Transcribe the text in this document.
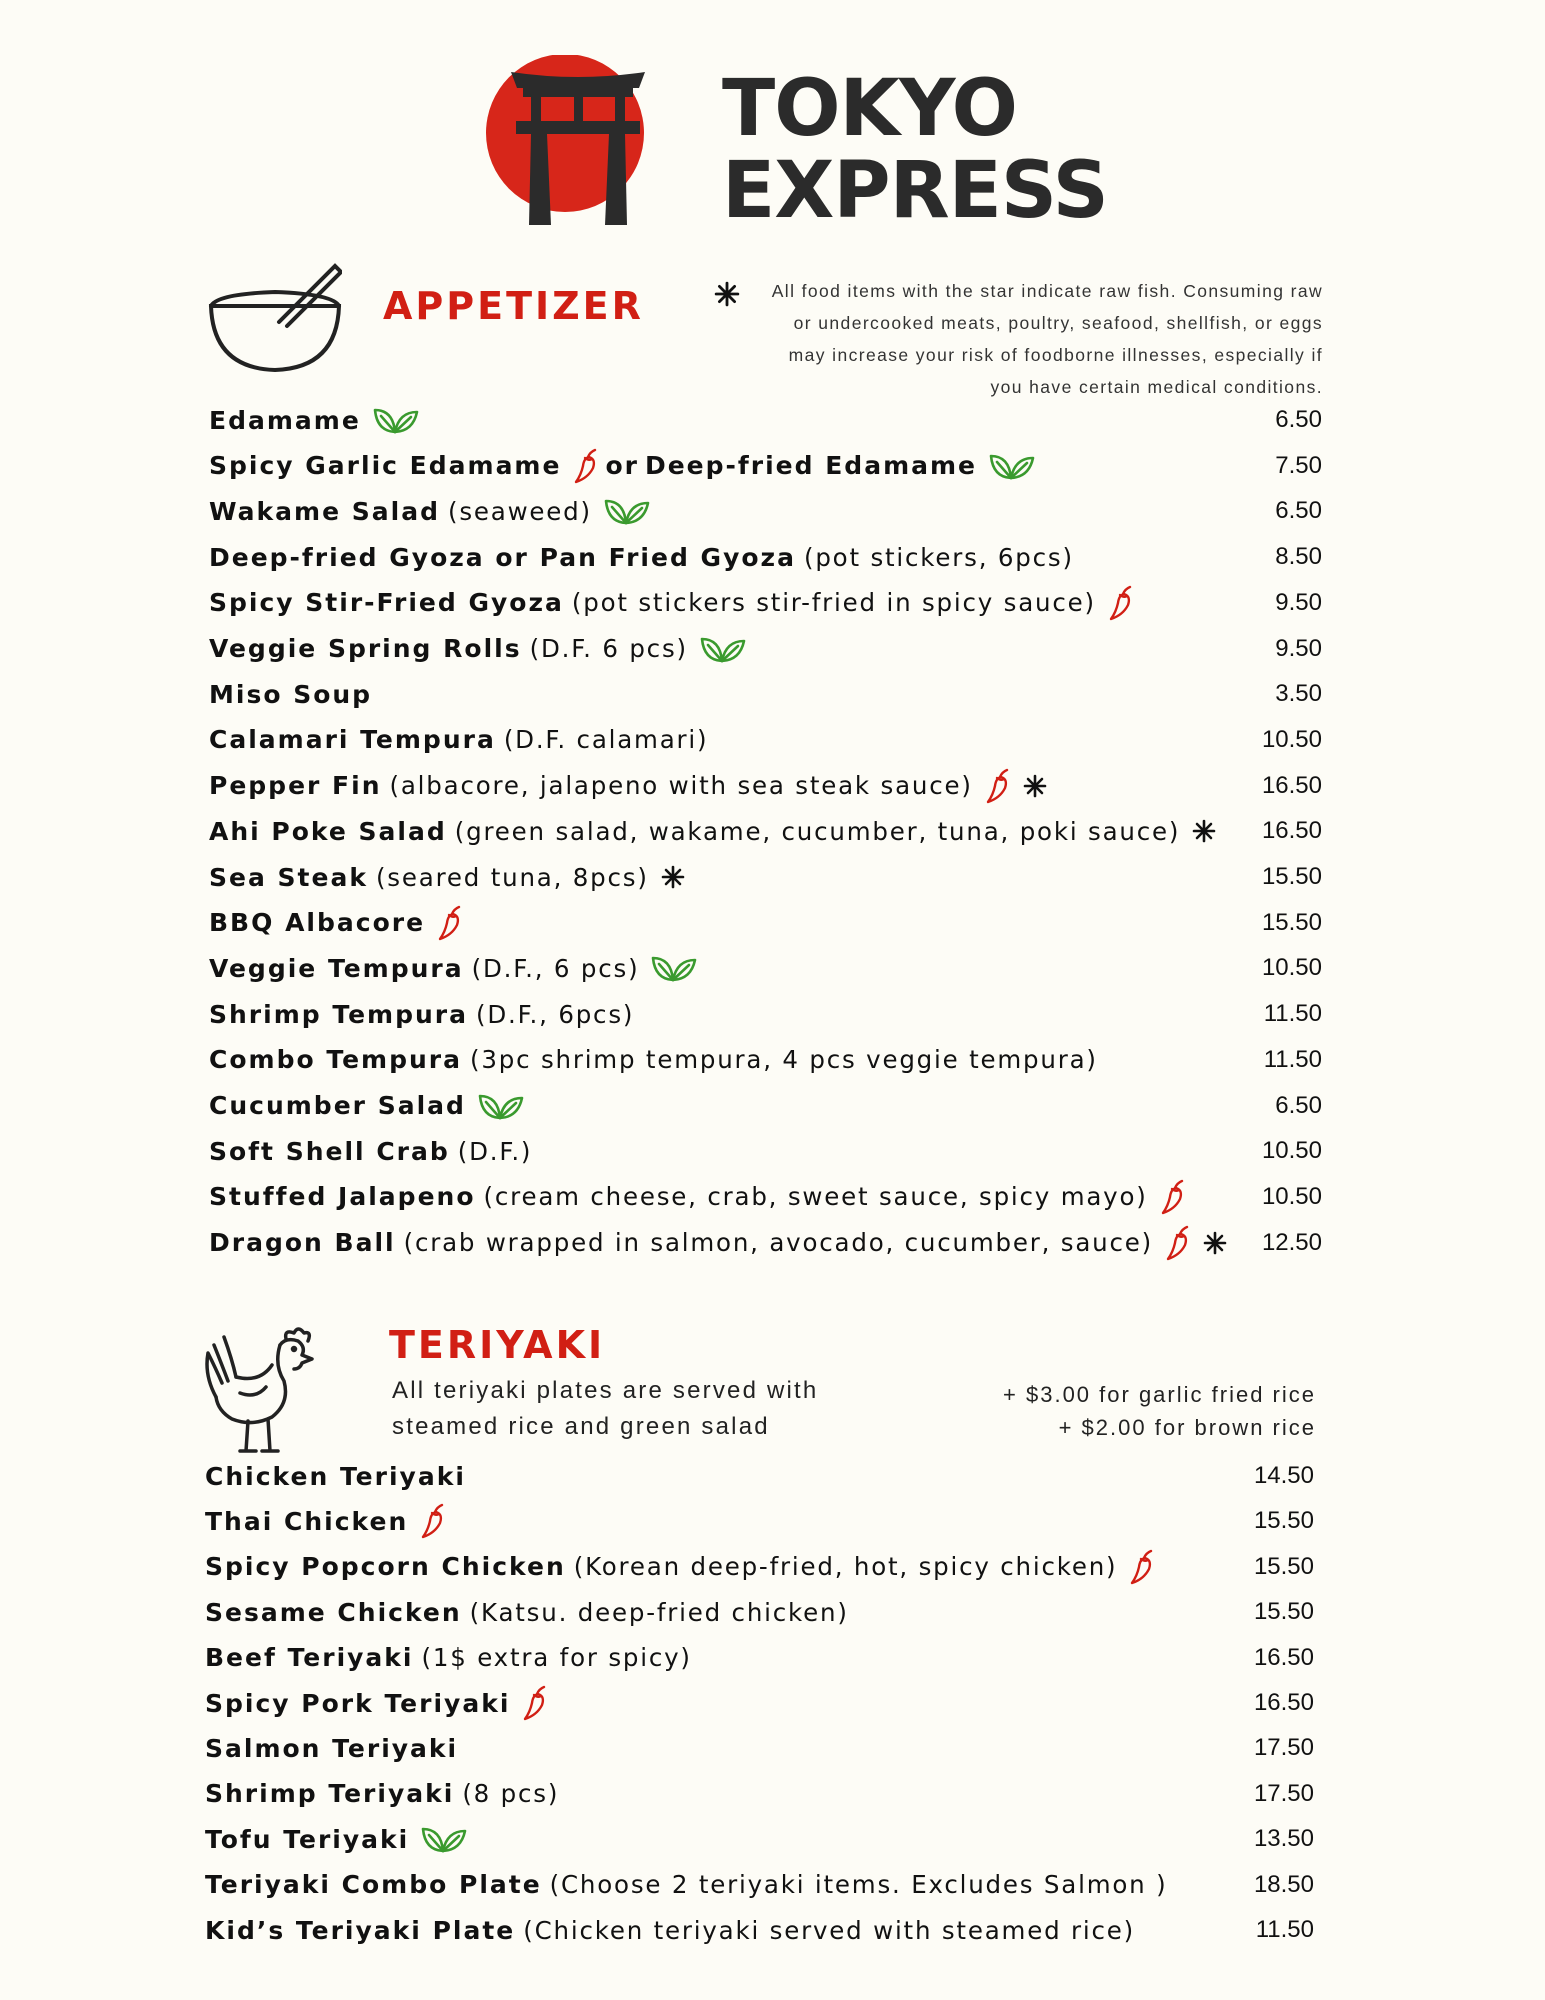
TOKYO
EXPRESS
APPETIZER	All food items with the star indicate raw fish. Consuming raw or undercooked meats, poultry, seafood, shellfish, or eggs may increase your risk of foodborne illnesses, especially if you have certain medical conditions.
Edamame	6.50
Spicy Garlic Edamame or Deep-fried Edamame	7.50
Wakame Salad (seaweed)	6.50
Deep-fried Gyoza or Pan Fried Gyoza (pot stickers, 6pcs)	8.50
Spicy Stir-Fried Gyoza (pot stickers stir-fried in spicy sauce)	9.50
Veggie Spring Rolls (D.F. 6 pcs)	9.50
Miso Soup	3.50
Calamari Tempura (D.F. calamari)	10.50
Pepper Fin (albacore, jalapeno with sea steak sauce)	16.50
Ahi Poke Salad (green salad, wakame, cucumber, tuna, poki sauce)	16.50
Sea Steak (seared tuna, 8pcs)	15.50
BBQ Albacore	15.50
Veggie Tempura (D.F., 6 pcs)	10.50
Shrimp Tempura (D.F., 6pcs)	11.50
Combo Tempura (3pc shrimp tempura, 4 pcs veggie tempura)	11.50
Cucumber Salad	6.50
Soft Shell Crab (D.F.)	10.50
Stuffed Jalapeno (cream cheese, crab, sweet sauce, spicy mayo)	10.50
Dragon Ball (crab wrapped in salmon, avocado, cucumber, sauce)	12.50
Chicken Teriyaki	14.50
Thai Chicken	15.50
Spicy Popcorn Chicken (Korean deep-fried, hot, spicy chicken)	15.50
Sesame Chicken (Katsu. deep-fried chicken)	15.50
Beef Teriyaki (1$ extra for spicy)	16.50
Spicy Pork Teriyaki	16.50
Salmon Teriyaki	17.50
Shrimp Teriyaki (8 pcs)	17.50
Tofu Teriyaki	13.50
Teriyaki Combo Plate (Choose 2 teriyaki items. Excludes Salmon )	18.50
Kid’s Teriyaki Plate (Chicken teriyaki served with steamed rice)	11.50
TERIYAKI
All teriyaki plates are served with
steamed rice and green salad
+ $3.00 for garlic fried rice
+ $2.00 for brown rice
